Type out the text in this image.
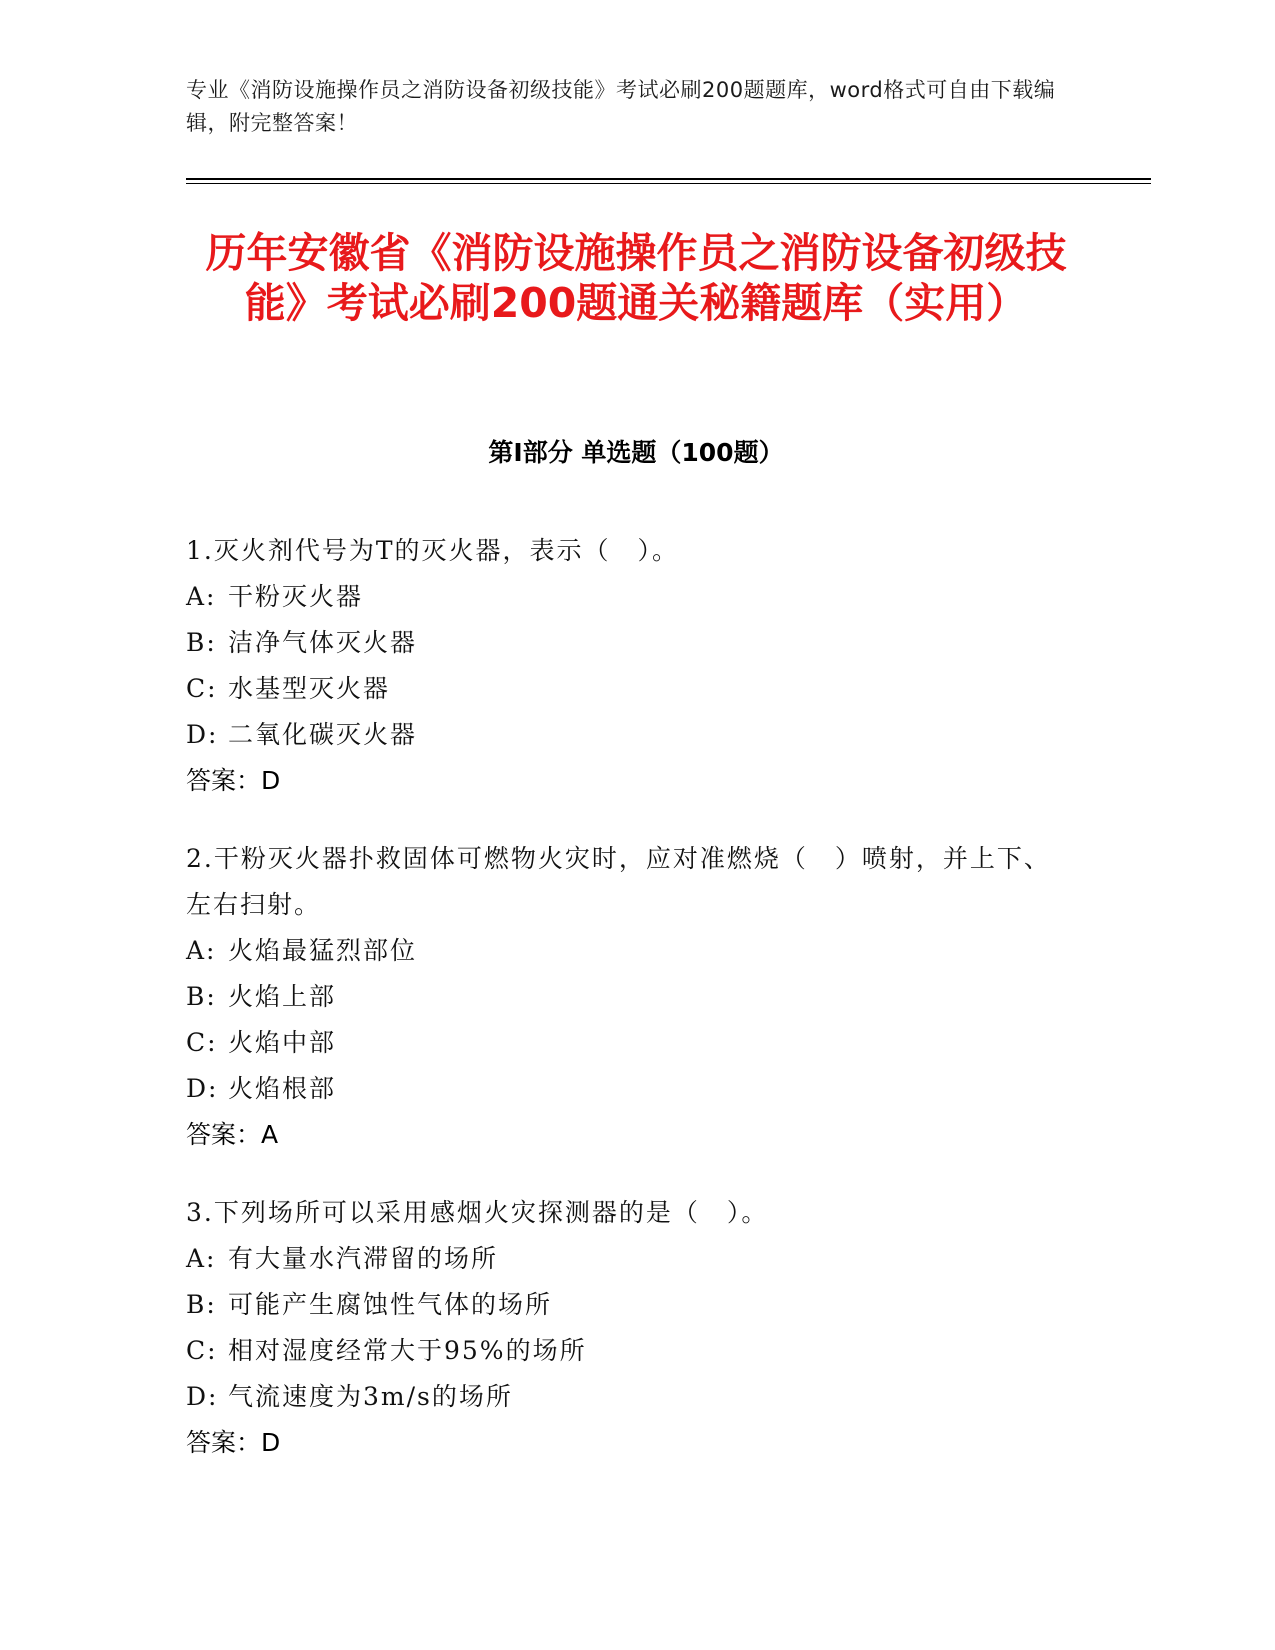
专业《消防设施操作员之消防设备初级技能》考试必刷200题题库，word格式可自由下载编辑，附完整答案！
历年安徽省《消防设施操作员之消防设备初级技能》考试必刷200题通关秘籍题库（实用）
第Ⅰ部分 单选题（100题）
1.灭火剂代号为T的灭火器，表示（　）。
A: 干粉灭火器
B: 洁净气体灭火器
C: 水基型灭火器
D: 二氧化碳灭火器
答案：D
2.干粉灭火器扑救固体可燃物火灾时，应对准燃烧（　）喷射，并上下、左右扫射。
A: 火焰最猛烈部位
B: 火焰上部
C: 火焰中部
D: 火焰根部
答案：A
3.下列场所可以采用感烟火灾探测器的是（　）。
A: 有大量水汽滞留的场所
B: 可能产生腐蚀性气体的场所
C: 相对湿度经常大于95%的场所
D: 气流速度为3m/s的场所
答案：D
